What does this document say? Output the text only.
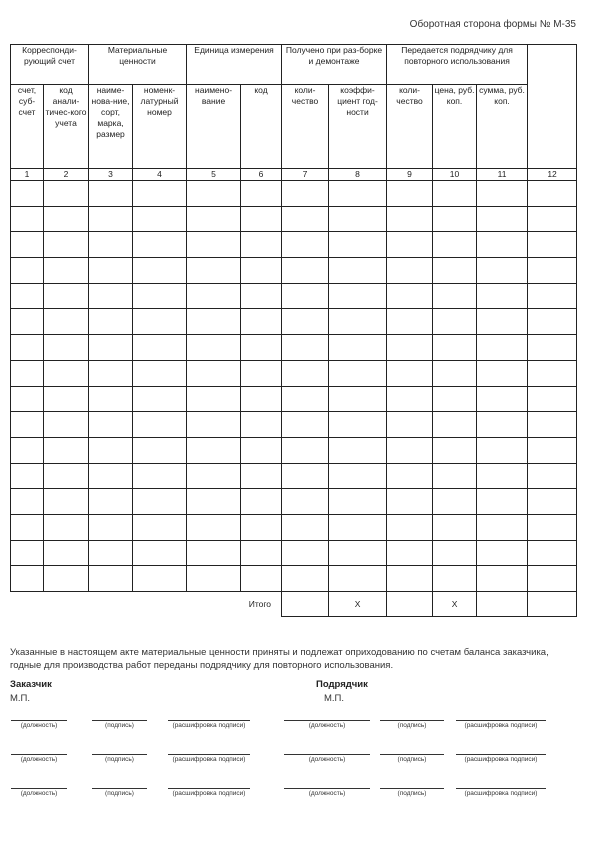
Оборотная сторона формы № М-35
Корреспонди-рующий счет		Материальные ценности		Единица измерения		Получено при раз-борке и демонтаже		Передается подрядчику для повторного использования			
счет, суб-счет	код анали-тичес-кого учета	наиме-нова-ние, сорт, марка, размер	номенк-латурный номер	наимено-вание	код	коли-чество	коэффи-циент год-ности	коли-чество	цена, руб. коп.	сумма, руб. коп.	
1	2	3	4	5	6	7	8	9	10	11	12

Итого							Х		Х		
Указанные в настоящем акте материальные ценности приняты и подлежат оприходованию по счетам баланса заказчика, годные для производства работ переданы подрядчику для повторного использования.
Заказчик	Подрядчик
М.П.	М.П.
(должность)	(подпись)	(расшифровка подписи)
(должность)	(подпись)	(расшифровка подписи)
(должность)	(подпись)	(расшифровка подписи)
(должность)	(подпись)	(расшифровка подписи)
(должность)	(подпись)	(расшифровка подписи)
(должность)	(подпись)	(расшифровка подписи)
